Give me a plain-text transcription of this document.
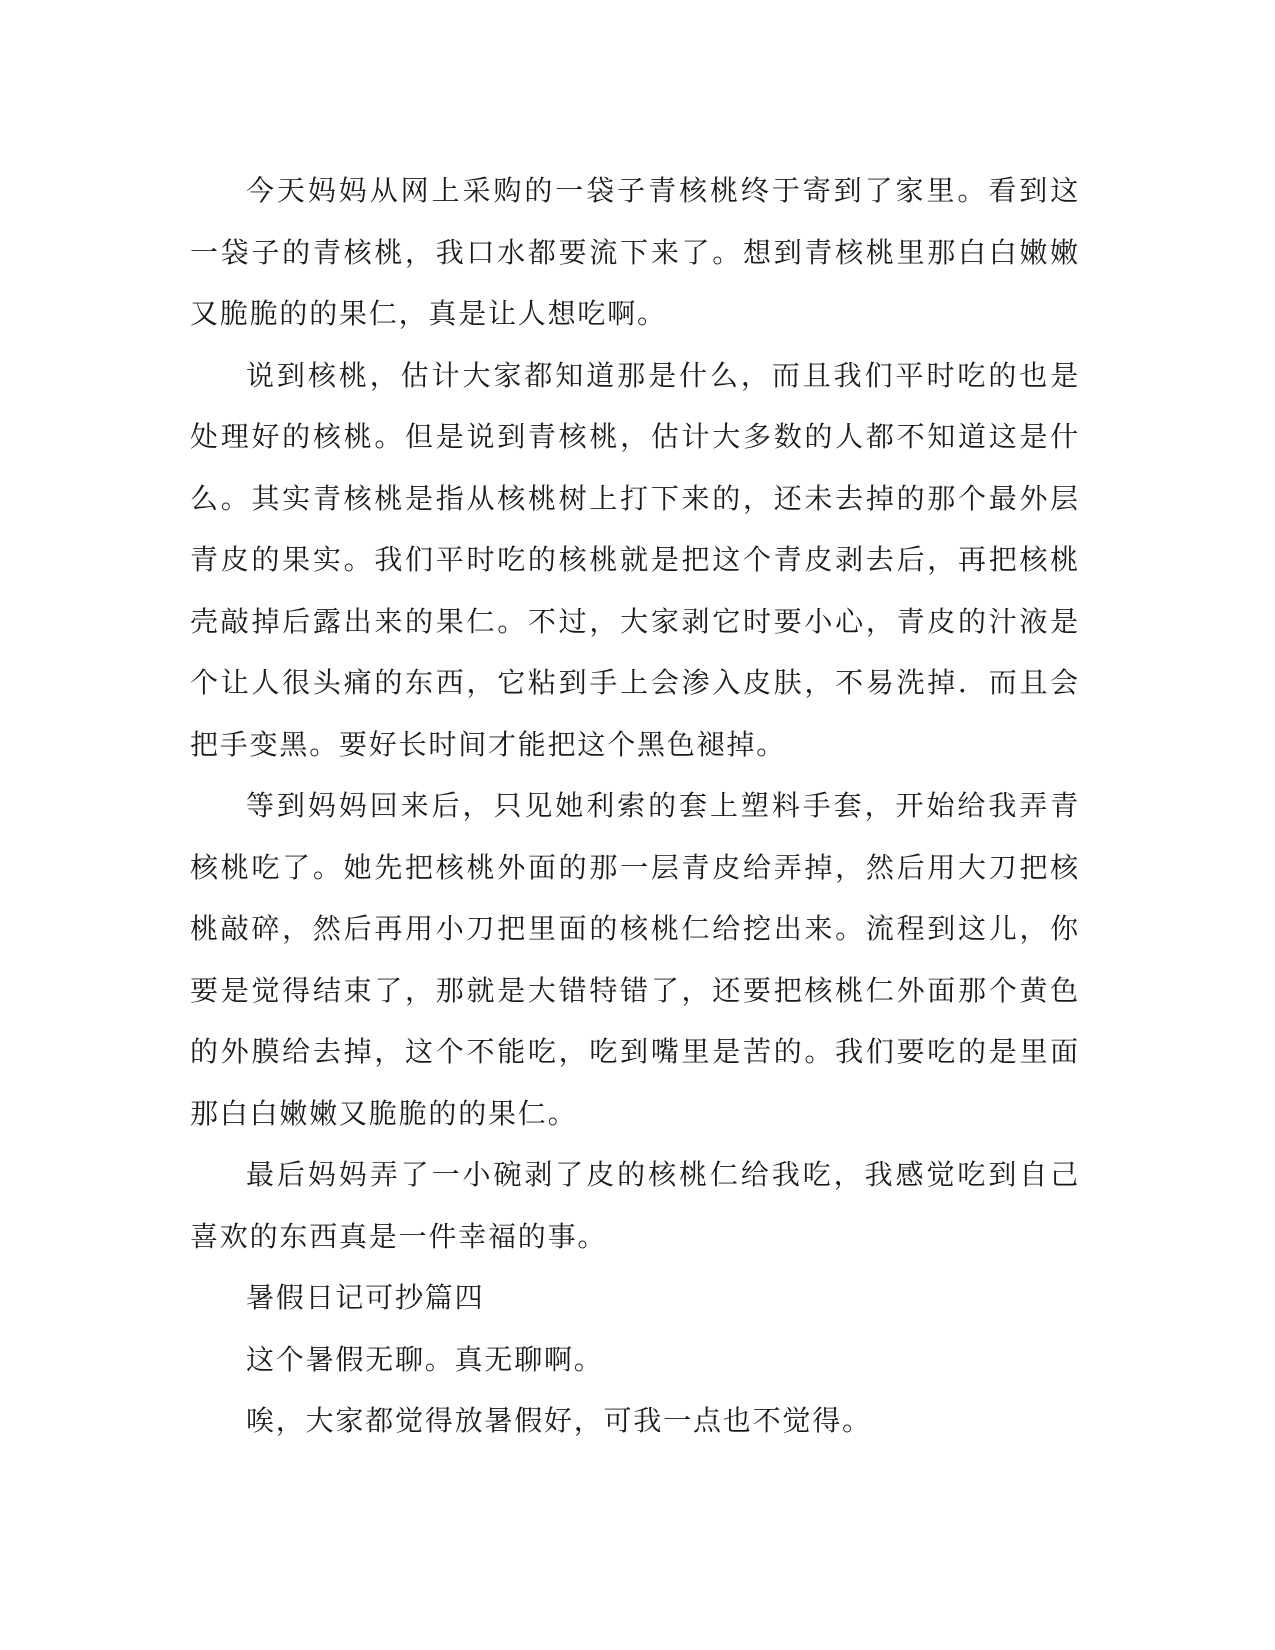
今天妈妈从网上采购的一袋子青核桃终于寄到了家里。看到这一袋子的青核桃，我口水都要流下来了。想到青核桃里那白白嫩嫩又脆脆的的果仁，真是让人想吃啊。

说到核桃，估计大家都知道那是什么，而且我们平时吃的也是处理好的核桃。但是说到青核桃，估计大多数的人都不知道这是什么。其实青核桃是指从核桃树上打下来的，还未去掉的那个最外层青皮的果实。我们平时吃的核桃就是把这个青皮剥去后，再把核桃壳敲掉后露出来的果仁。不过，大家剥它时要小心，青皮的汁液是个让人很头痛的东西，它粘到手上会渗入皮肤，不易洗掉．而且会把手变黑。要好长时间才能把这个黑色褪掉。

等到妈妈回来后，只见她利索的套上塑料手套，开始给我弄青核桃吃了。她先把核桃外面的那一层青皮给弄掉，然后用大刀把核桃敲碎，然后再用小刀把里面的核桃仁给挖出来。流程到这儿，你要是觉得结束了，那就是大错特错了，还要把核桃仁外面那个黄色的外膜给去掉，这个不能吃，吃到嘴里是苦的。我们要吃的是里面那白白嫩嫩又脆脆的的果仁。

最后妈妈弄了一小碗剥了皮的核桃仁给我吃，我感觉吃到自己喜欢的东西真是一件幸福的事。

暑假日记可抄篇四

这个暑假无聊。真无聊啊。

唉，大家都觉得放暑假好，可我一点也不觉得。
